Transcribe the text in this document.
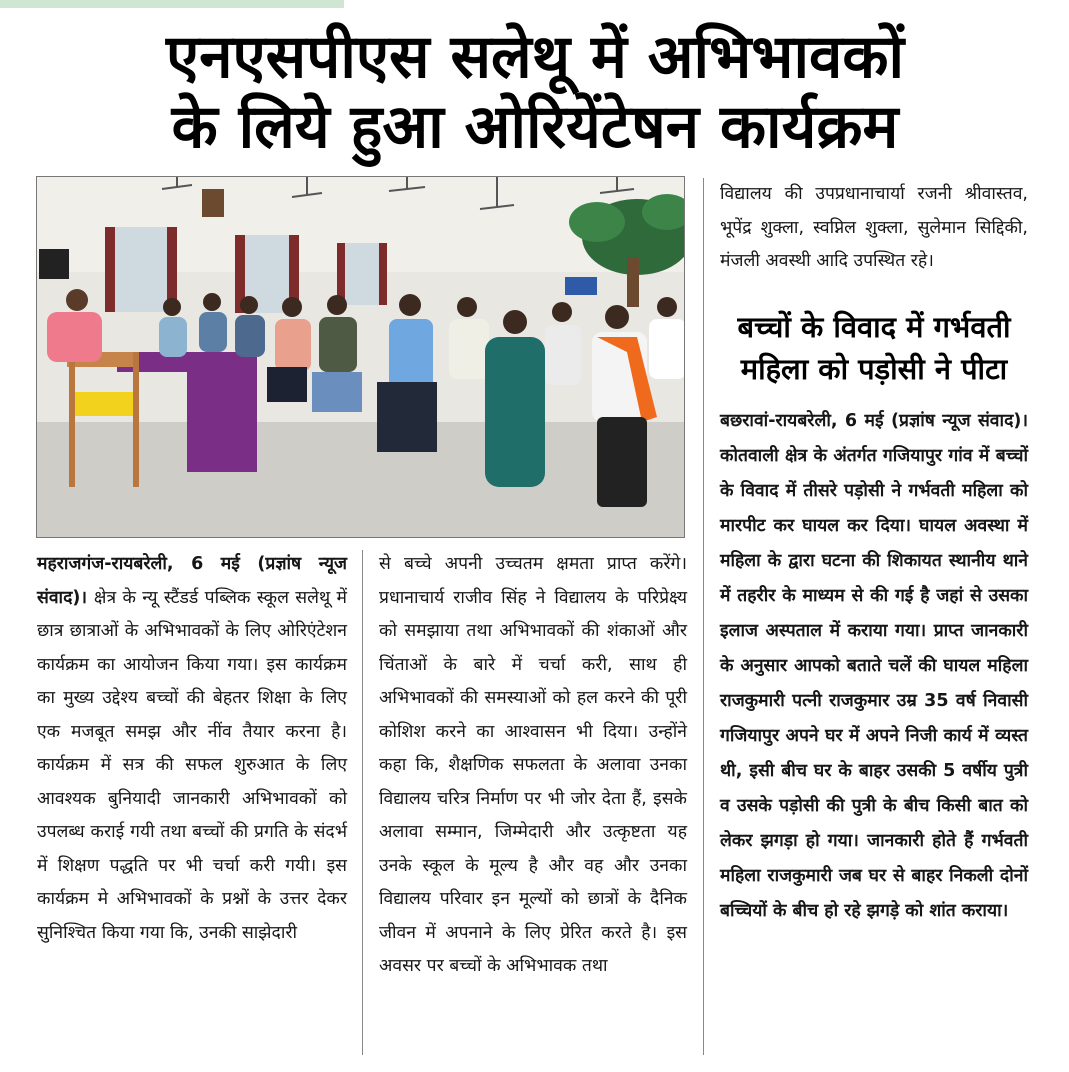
एनएसपीएस सलेथू में अभिभावकों
के लिये हुआ ओरियेंटेषन कार्यक्रम
महराजगंज-रायबरेली, 6 मई (प्रज्ञांष न्यूज संवाद)। क्षेत्र के न्यू स्टैंडर्ड पब्लिक स्कूल सलेथू में छात्र छात्राओं के अभिभावकों के लिए ओरिएंटेशन कार्यक्रम का आयोजन किया गया। इस कार्यक्रम का मुख्य उद्देश्य बच्चों की बेहतर शिक्षा के लिए एक मजबूत समझ और नींव तैयार करना है।कार्यक्रम में सत्र की सफल शुरुआत के लिए आवश्यक बुनियादी जानकारी अभिभावकों को उपलब्ध कराई गयी तथा बच्चों की प्रगति के संदर्भ में शिक्षण पद्धति पर भी चर्चा करी गयी। इस कार्यक्रम मे अभिभावकों के प्रश्नों के उत्तर देकर सुनिश्चित किया गया कि, उनकी साझेदारी
से बच्चे अपनी उच्चतम क्षमता प्राप्त करेंगे। प्रधानाचार्य राजीव सिंह ने विद्यालय के परिप्रेक्ष्य को समझाया तथा अभिभावकों की शंकाओं और चिंताओं के बारे में चर्चा करी, साथ ही अभिभावकों की समस्याओं को हल करने की पूरी कोशिश करने का आश्वासन भी दिया। उन्होंने कहा कि, शैक्षणिक सफलता के अलावा उनका विद्यालय चरित्र निर्माण पर भी जोर देता हैं, इसके अलावा सम्मान, जिम्मेदारी और उत्कृष्टता यह उनके स्कूल के मूल्य है और वह और उनका विद्यालय परिवार इन मूल्यों को छात्रों के दैनिक जीवन में अपनाने के लिए प्रेरित करते है। इस अवसर पर बच्चों के अभिभावक तथा
विद्यालय की उपप्रधानाचार्या रजनी श्रीवास्तव, भूपेंद्र शुक्ला, स्वप्निल शुक्ला, सुलेमान सिद्दिकी, मंजली अवस्थी आदि उपस्थित रहे।
बच्चों के विवाद में गर्भवती
महिला को पड़ोसी ने पीटा
बछरावां-रायबरेली, 6 मई (प्रज्ञांष न्यूज संवाद)। कोतवाली क्षेत्र के अंतर्गत गजियापुर गांव में बच्चों के विवाद में तीसरे पड़ोसी ने गर्भवती महिला को मारपीट कर घायल कर दिया। घायल अवस्था में महिला के द्वारा घटना की शिकायत स्थानीय थाने में तहरीर के माध्यम से की गई है जहां से उसका इलाज अस्पताल में कराया गया। प्राप्त जानकारी के अनुसार आपको बताते चलें की घायल महिला राजकुमारी पत्नी राजकुमार उम्र 35 वर्ष निवासी गजियापुर अपने घर में अपने निजी कार्य में व्यस्त थी, इसी बीच घर के बाहर उसकी 5 वर्षीय पुत्री व उसके पड़ोसी की पुत्री के बीच किसी बात को लेकर झगड़ा हो गया। जानकारी होते हैं गर्भवती महिला राजकुमारी जब घर से बाहर निकली दोनों बच्चियों के बीच हो रहे झगड़े को शांत कराया।
